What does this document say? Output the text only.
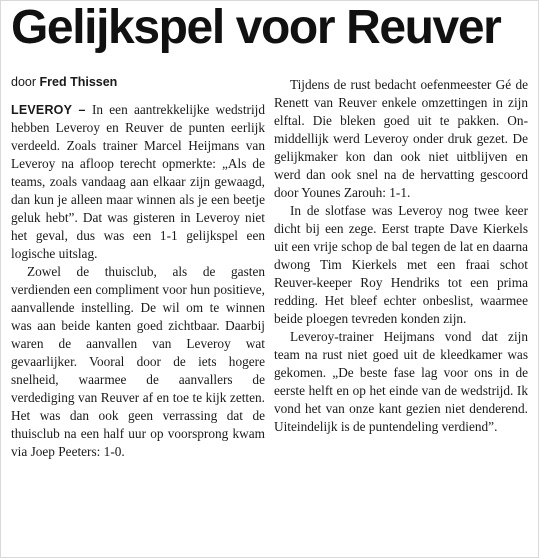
Gelijkspel voor Reuver
door Fred Thissen

LEVEROY – In een aantrekkelijke wedstrijd hebben Leveroy en Reuver de punten eerlijk verdeeld. Zoals trainer Marcel Heijmans van Leveroy na afloop terecht opmerkte: „Als de teams, zoals vandaag aan elkaar zijn gewaagd, dan kun je alleen maar winnen als je een beetje geluk hebt”. Dat was gisteren in Leveroy niet het geval, dus was een 1-1 gelijkspel een logische uitslag.

Zowel de thuisclub, als de gasten verdienden een compliment voor hun positieve, aanvallende instelling. De wil om te winnen was aan beide kanten goed zichtbaar. Daarbij waren de aanvallen van Leveroy wat gevaarlijker. Vooral door de iets hogere snelheid, waarmee de aanvallers de verdediging van Reuver af en toe te kijk zetten. Het was dan ook geen verrassing dat de thuisclub na een half uur op voorsprong kwam via Joep Peeters: 1-0.

Tijdens de rust bedacht oefenmeester Gé de Renett van Reuver enkele omzettingen in zijn elftal. Die bleken goed uit te pakken. Onmiddellijk werd Leveroy onder druk gezet. De gelijkmaker kon dan ook niet uitblijven en werd dan ook snel na de hervatting gescoord door Younes Zarouh: 1-1.

In de slotfase was Leveroy nog twee keer dicht bij een zege. Eerst trapte Dave Kierkels uit een vrije schop de bal tegen de lat en daarna dwong Tim Kierkels met een fraai schot Reuver-keeper Roy Hendriks tot een prima redding. Het bleef echter onbeslist, waarmee beide ploegen tevreden konden zijn.

Leveroy-trainer Heijmans vond dat zijn team na rust niet goed uit de kleedkamer was gekomen. „De beste fase lag voor ons in de eerste helft en op het einde van de wedstrijd. Ik vond het van onze kant gezien niet denderend. Uiteindelijk is de puntendeling verdiend”.
